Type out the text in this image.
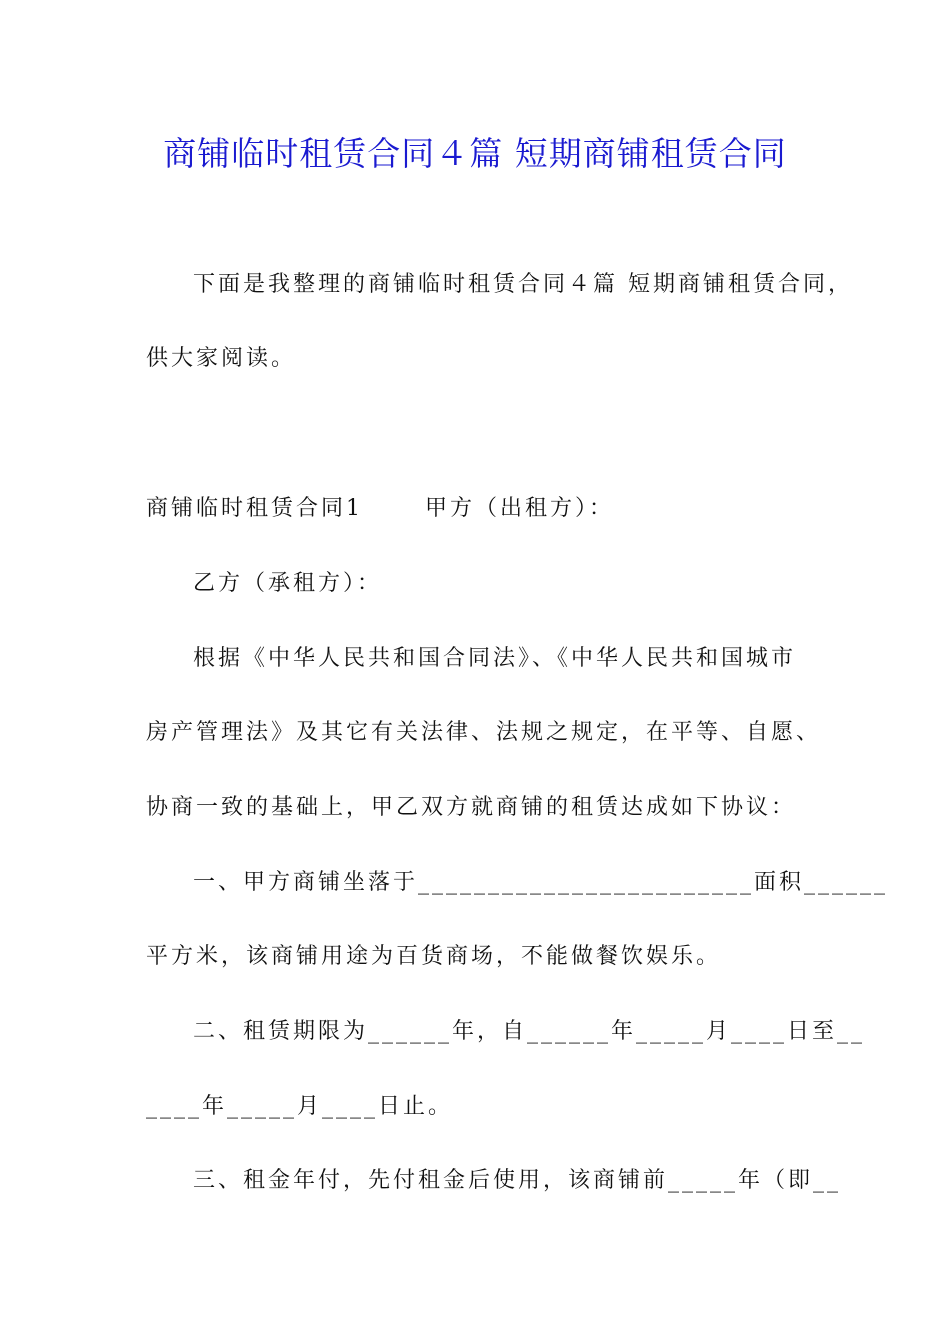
商铺临时租赁合同４篇 短期商铺租赁合同
下面是我整理的商铺临时租赁合同４篇 短期商铺租赁合同，
供大家阅读。
商铺临时租赁合同1	甲方（出租方）：
乙方（承租方）：
根据《中华人民共和国合同法》、《中华人民共和国城市
房产管理法》及其它有关法律、法规之规定，在平等、自愿、
协商一致的基础上，甲乙双方就商铺的租赁达成如下协议：
一、甲方商铺坐落于________________________面积______
平方米，该商铺用途为百货商场，不能做餐饮娱乐。
二、租赁期限为______年，自______年_____月____日至__
____年_____月____日止。
三、租金年付，先付租金后使用，该商铺前_____年（即__
